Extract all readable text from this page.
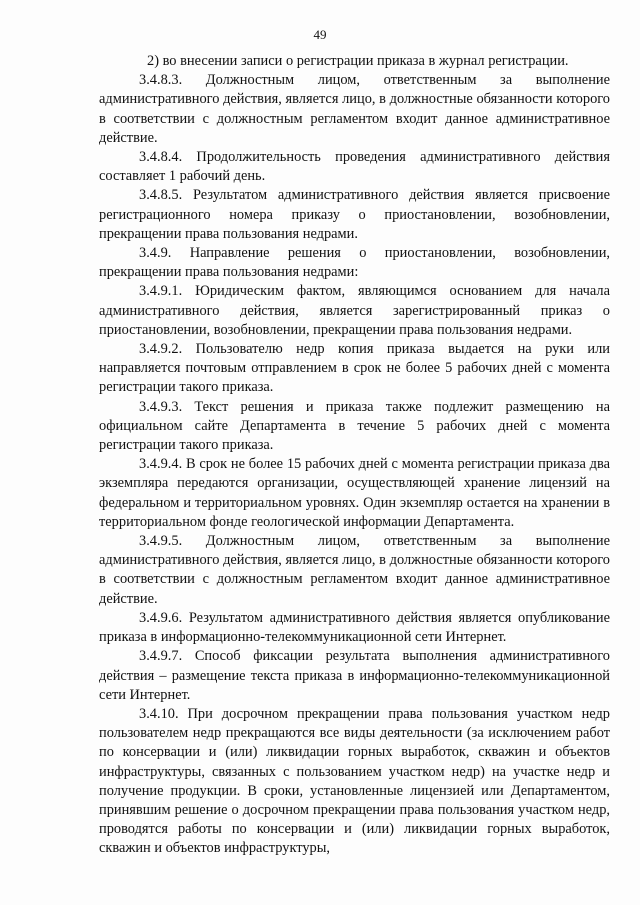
49

2) во внесении записи о регистрации приказа в журнал регистрации.

3.4.8.3. Должностным лицом, ответственным за выполнение административного действия, является лицо, в должностные обязанности которого в соответствии с должностным регламентом входит данное административное действие.

3.4.8.4. Продолжительность проведения административного действия составляет 1 рабочий день.

3.4.8.5. Результатом административного действия является присвоение регистрационного номера приказу о приостановлении, возобновлении, прекращении права пользования недрами.

3.4.9. Направление решения о приостановлении, возобновлении, прекращении права пользования недрами:

3.4.9.1. Юридическим фактом, являющимся основанием для начала административного действия, является зарегистрированный приказ о приостановлении, возобновлении, прекращении права пользования недрами.

3.4.9.2. Пользователю недр копия приказа выдается на руки или направляется почтовым отправлением в срок не более 5 рабочих дней с момента регистрации такого приказа.

3.4.9.3. Текст решения и приказа также подлежит размещению на официальном сайте Департамента в течение 5 рабочих дней с момента регистрации такого приказа.

3.4.9.4. В срок не более 15 рабочих дней с момента регистрации приказа два экземпляра передаются организации, осуществляющей хранение лицензий на федеральном и территориальном уровнях. Один экземпляр остается на хранении в территориальном фонде геологической информации Департамента.

3.4.9.5. Должностным лицом, ответственным за выполнение административного действия, является лицо, в должностные обязанности которого в соответствии с должностным регламентом входит данное административное действие.

3.4.9.6. Результатом административного действия является опубликование приказа в информационно-телекоммуникационной сети Интернет.

3.4.9.7. Способ фиксации результата выполнения административного действия – размещение текста приказа в информационно-телекоммуникационной сети Интернет.

3.4.10. При досрочном прекращении права пользования участком недр пользователем недр прекращаются все виды деятельности (за исключением работ по консервации и (или) ликвидации горных выработок, скважин и объектов инфраструктуры, связанных с пользованием участком недр) на участке недр и получение продукции. В сроки, установленные лицензией или Департаментом, принявшим решение о досрочном прекращении права пользования участком недр, проводятся работы по консервации и (или) ликвидации горных выработок, скважин и объектов инфраструктуры,
